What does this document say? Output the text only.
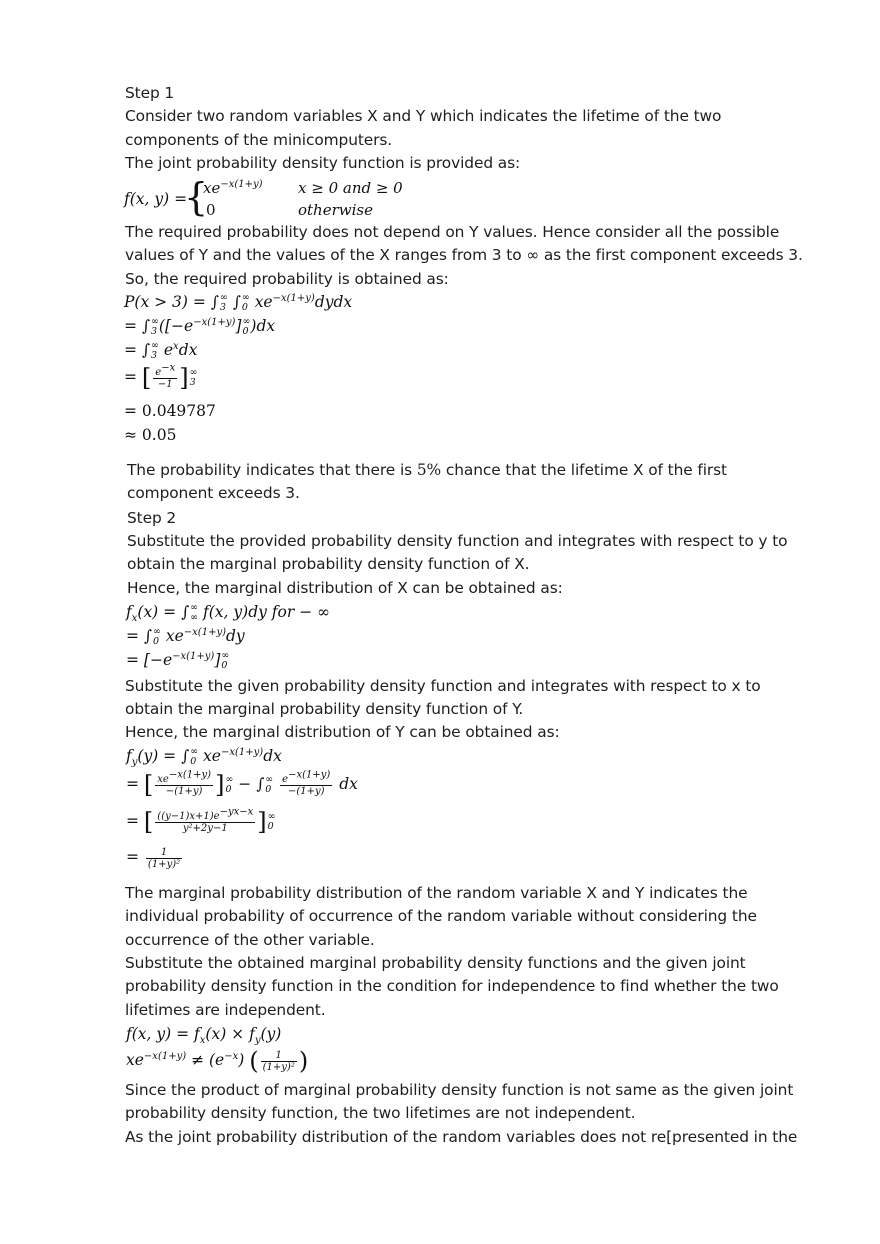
Step 1

Consider two random variables X and Y which indicates the lifetime of the two

components of the minicomputers.

The joint probability density function is provided as:

f(x, y) =

{
$xe^{-x(1+y)}$ x ≥ 0 and ≥ 0
0	otherwise

The required probability does not depend on Y values. Hence consider all the possible

values of Y and the values of the X ranges from 3 to ∞ as the first component exceeds 3.

So, the required probability is obtained as:

P(x > 3) = ∫ ∞
3 ∫ ∞
0 $xe^{-x(1+y)}dydx$

= ∫ ∞
3 ($[-e^{-x(1+y)}]$ ∞
0 )dx

= ∫ ∞
3 $e^xdx$

= [ $\frac{e^{-x}}{-1}$ ] ∞
3

= 0.049787

≈ 0.05

The probability indicates that there is 5% chance that the lifetime X of the first

component exceeds 3.

Step 2

Substitute the provided probability density function and integrates with respect to y to

obtain the marginal probability density function of X.

Hence, the marginal distribution of X can be obtained as:

$f_x(x)$ = ∫ ∞
∞ f(x, y)dy for − ∞

= ∫ ∞
0 $xe^{-x(1+y)}dy$

= $[-e^{-x(1+y)}]$ ∞
0

Substitute the given probability density function and integrates with respect to x to

obtain the marginal probability density function of Y.

Hence, the marginal distribution of Y can be obtained as:

$f_y(y)$ = ∫ ∞
0 $xe^{-x(1+y)}dx$

= [ $\frac{xe^{-x(1+y)}}{-(1+y)}$ ] ∞
0 − ∫ ∞
0
$\frac{e^{-x(1+y)}}{-(1+y)}$ dx

= [ $\frac{((y-1)x+1)e^{-yx-x}}{\text{y²+2y−1}}$ ] ∞
0

= $\frac{1}{\text{(1+y)²}}$

The marginal probability distribution of the random variable X and Y indicates the

individual probability of occurrence of the random variable without considering the

occurrence of the other variable.

Substitute the obtained marginal probability density functions and the given joint

probability density function in the condition for independence to find whether the two

lifetimes are independent.

f(x, $y) = f_x(x) \times f_y(y)$

$xe^{-x(1+y)} \ne (e^{-x})$ ( $\frac{1}{\text{(1+y)²}}$ )

Since the product of marginal probability density function is not same as the given joint

probability density function, the two lifetimes are not independent.

As the joint probability distribution of the random variables does not re[presented in the
